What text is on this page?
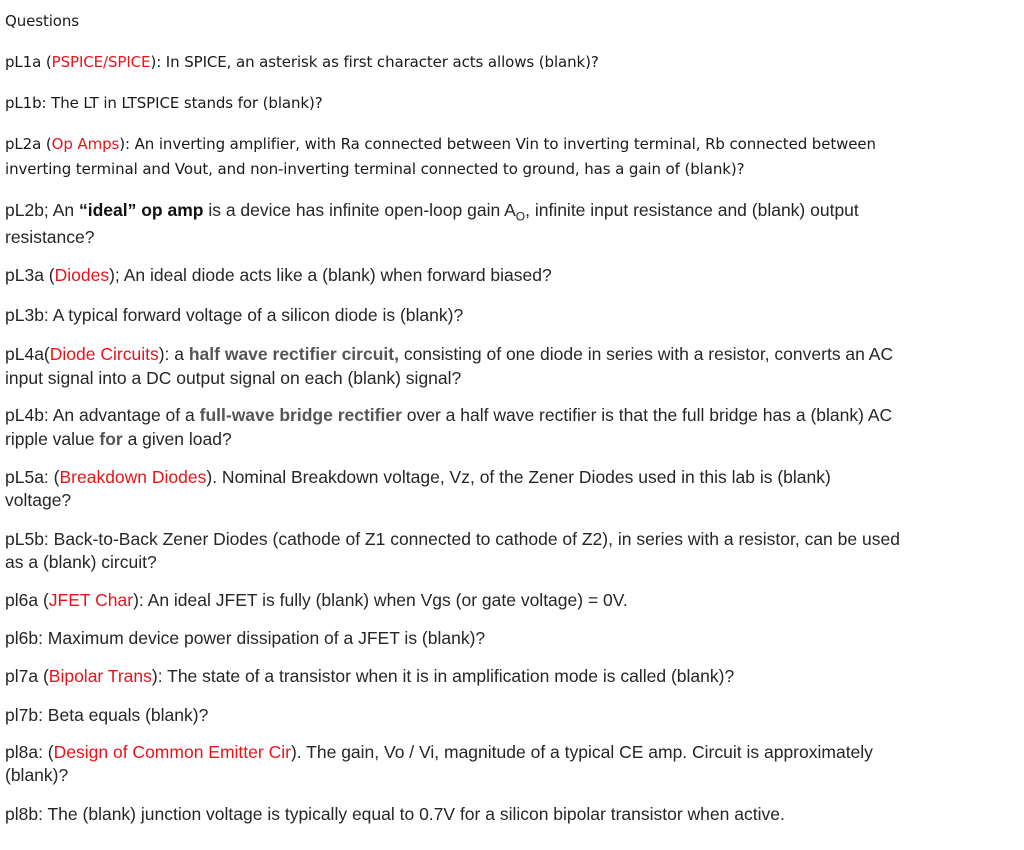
Questions

pL1a (PSPICE/SPICE): In SPICE, an asterisk as first character acts allows (blank)?

pL1b: The LT in LTSPICE stands for (blank)?

pL2a (Op Amps): An inverting amplifier, with Ra connected between Vin to inverting terminal, Rb connected between

inverting terminal and Vout, and non-inverting terminal connected to ground, has a gain of (blank)?

pL2b; An “ideal” op amp is a device has infinite open-loop gain $A_O$, infinite input resistance and (blank) output

resistance?

pL3a (Diodes); An ideal diode acts like a (blank) when forward biased?

pL3b: A typical forward voltage of a silicon diode is (blank)?

pL4a(Diode Circuits): a half wave rectifier circuit, consisting of one diode in series with a resistor, converts an AC

input signal into a DC output signal on each (blank) signal?

pL4b: An advantage of a full-wave bridge rectifier over a half wave rectifier is that the full bridge has a (blank) AC

ripple value for a given load?

pL5a: (Breakdown Diodes). Nominal Breakdown voltage, Vz, of the Zener Diodes used in this lab is (blank)

voltage?

pL5b: Back-to-Back Zener Diodes (cathode of Z1 connected to cathode of Z2), in series with a resistor, can be used

as a (blank) circuit?

pl6a (JFET Char): An ideal JFET is fully (blank) when Vgs (or gate voltage) = 0V.

pl6b: Maximum device power dissipation of a JFET is (blank)?

pl7a (Bipolar Trans): The state of a transistor when it is in amplification mode is called (blank)?

pl7b: Beta equals (blank)?

pl8a: (Design of Common Emitter Cir). The gain, Vo / Vi, magnitude of a typical CE amp. Circuit is approximately

(blank)?

pl8b: The (blank) junction voltage is typically equal to 0.7V for a silicon bipolar transistor when active.
